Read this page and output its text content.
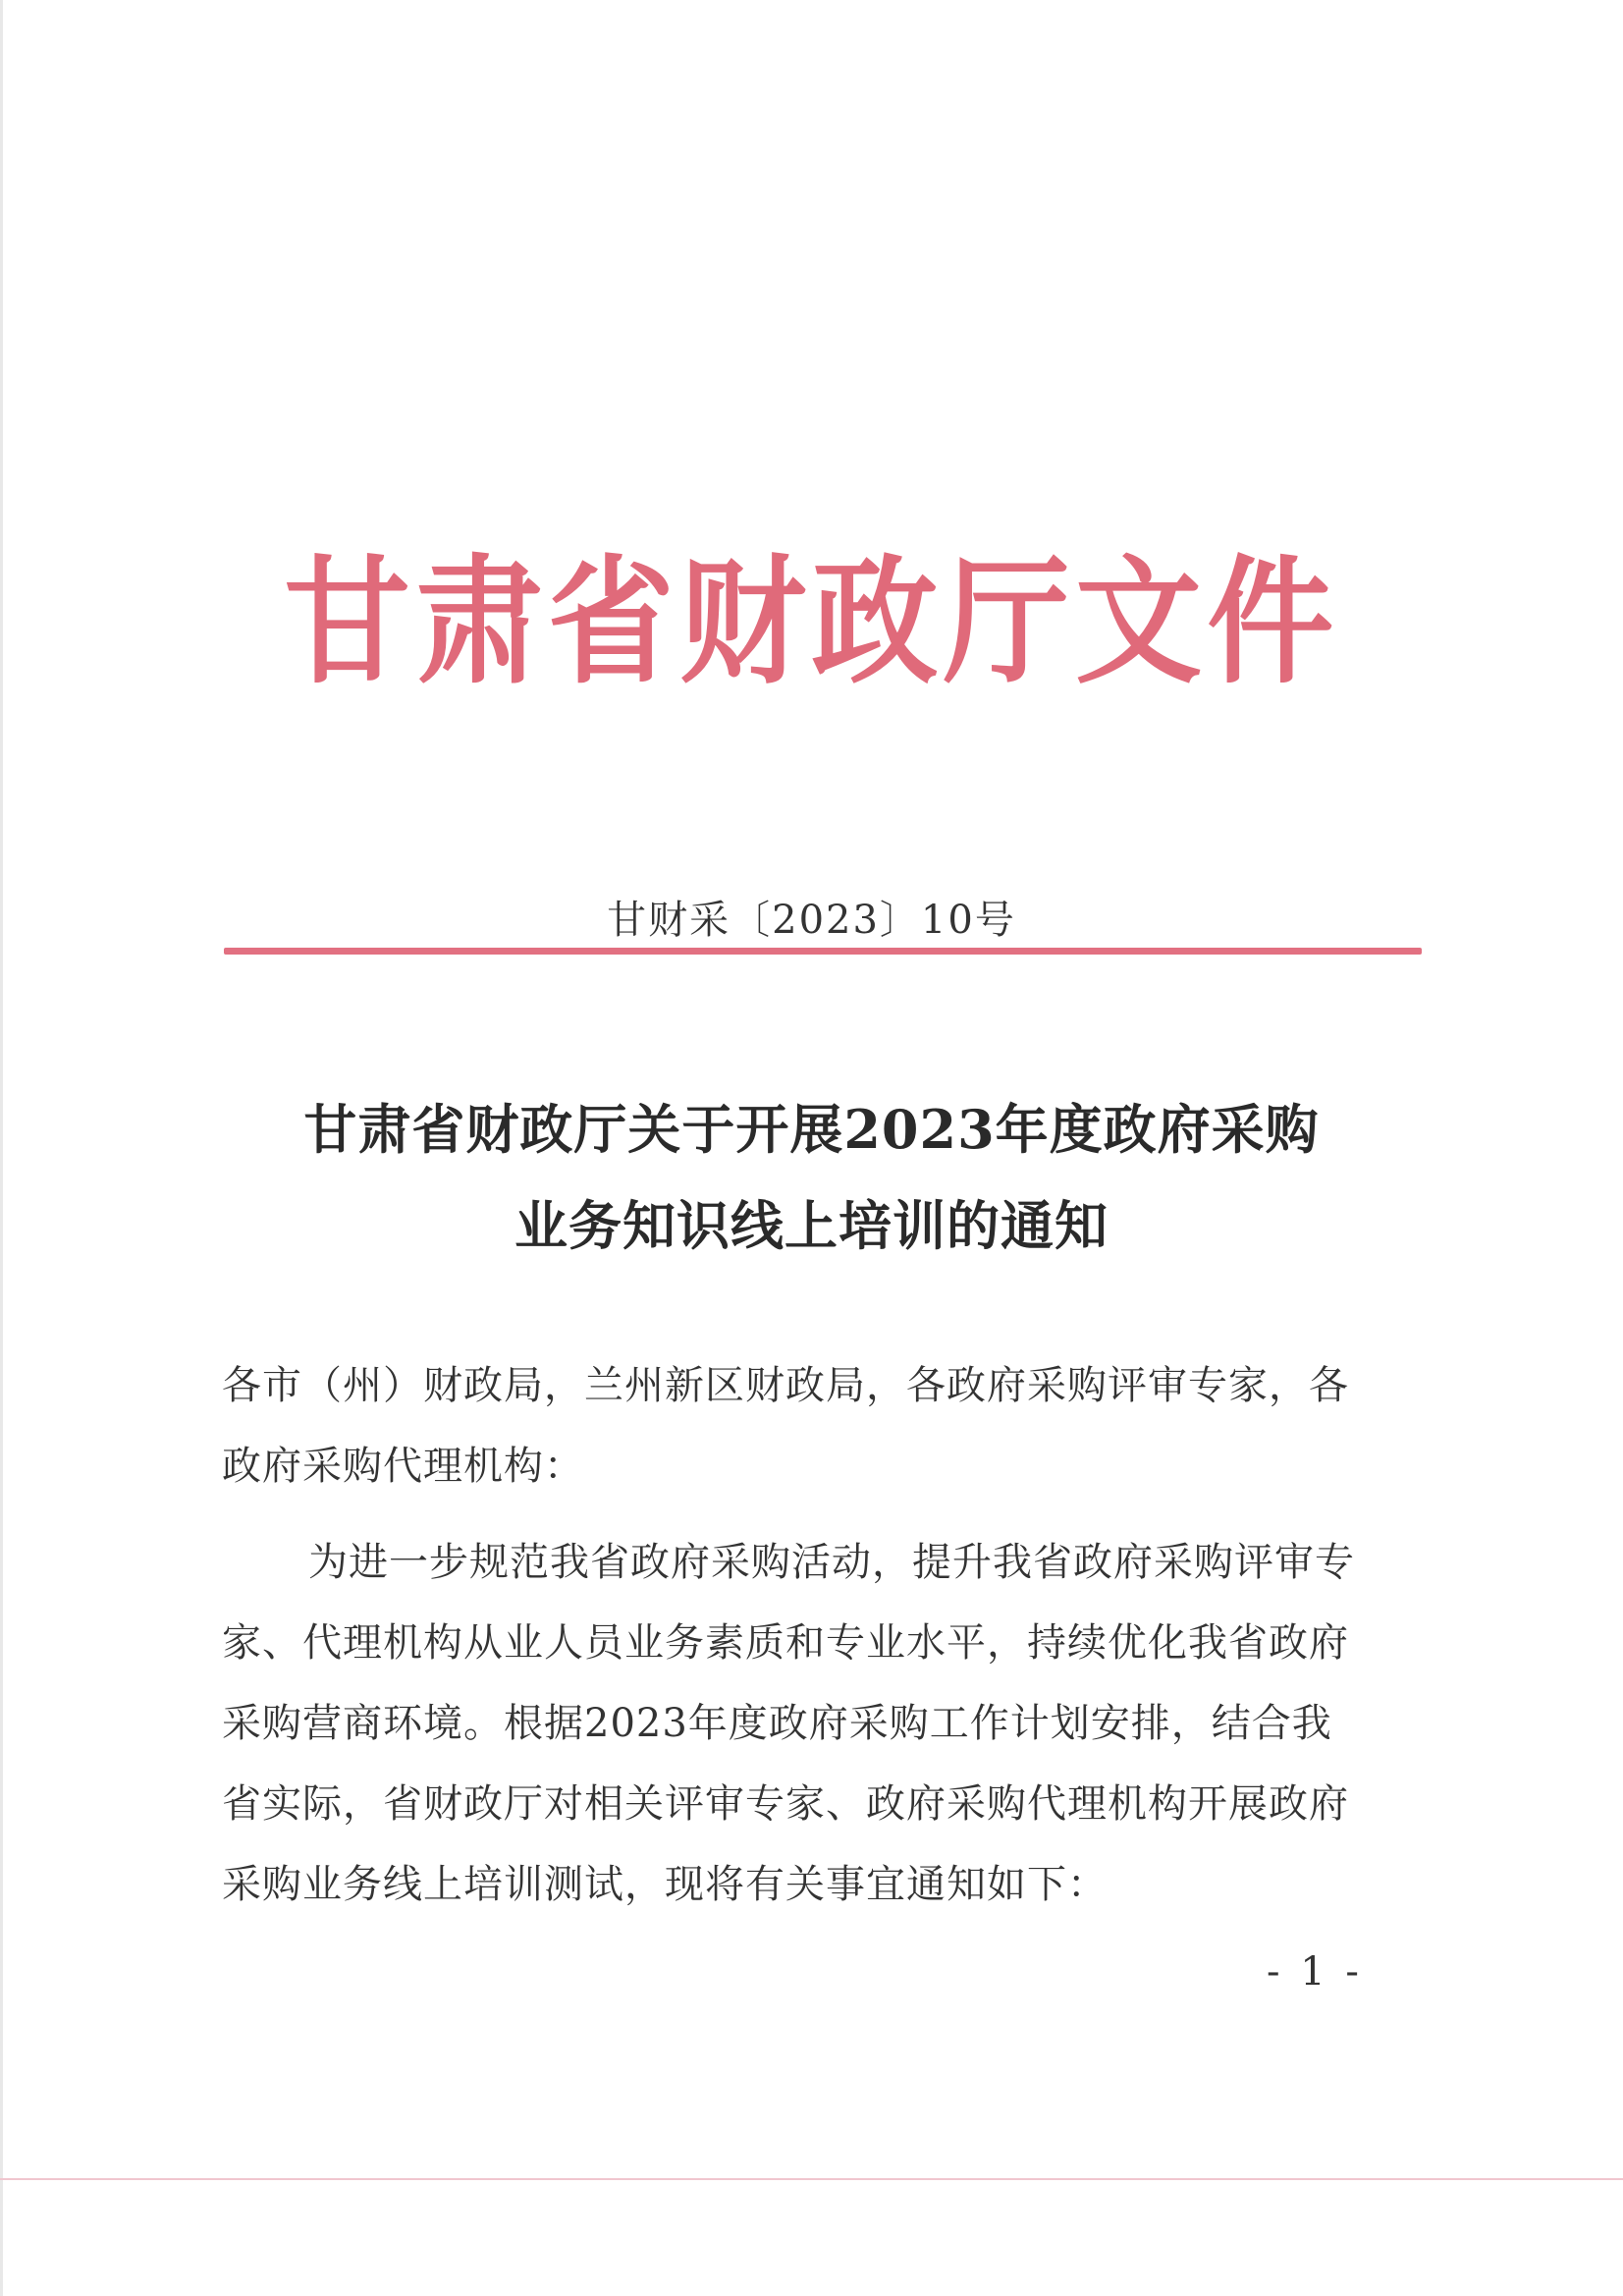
甘肃省财政厅文件
甘财采〔2023〕10号
甘肃省财政厅关于开展2023年度政府采购
业务知识线上培训的通知
各市（州）财政局，兰州新区财政局，各政府采购评审专家，各
政府采购代理机构：
为进一步规范我省政府采购活动，提升我省政府采购评审专
家、代理机构从业人员业务素质和专业水平，持续优化我省政府
采购营商环境。根据2023年度政府采购工作计划安排，结合我
省实际，省财政厅对相关评审专家、政府采购代理机构开展政府
采购业务线上培训测试，现将有关事宜通知如下：
- 1 -
